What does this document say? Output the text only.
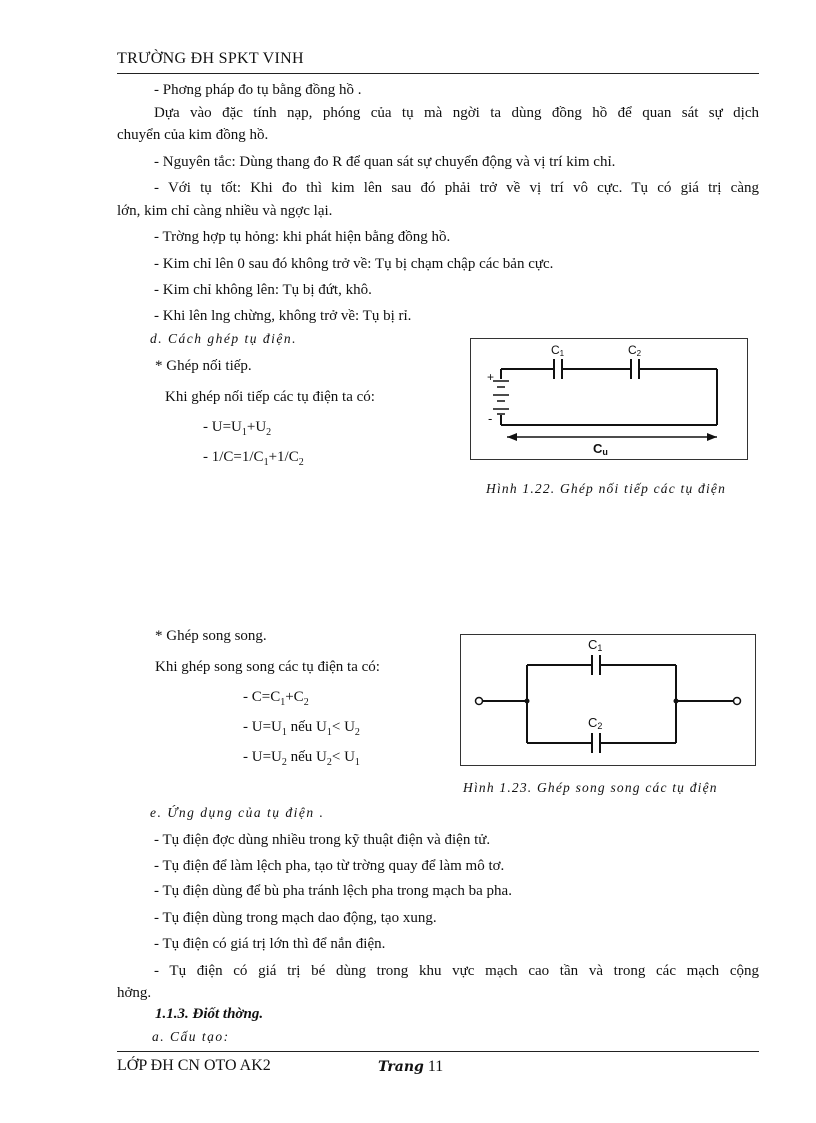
TRƯỜNG ĐH SPKT VINH
- Phơng pháp đo tụ bằng đồng hồ .
Dựa vào đặc tính nạp, phóng của tụ mà ngời ta dùng đồng hồ để quan sát sự dịch
chuyển của kim đồng hồ.
- Nguyên tắc: Dùng thang đo R để quan sát sự chuyển động và vị trí kim chỉ.
- Với tụ tốt: Khi đo thì kim lên sau đó phải trở về vị trí vô cực. Tụ có giá trị càng
lớn, kim chỉ càng nhiều và ngợc lại.
- Trờng hợp tụ hỏng: khi phát hiện bằng đồng hồ.
- Kim chỉ lên 0 sau đó không trở về: Tụ bị chạm chập các bản cực.
- Kim chỉ không lên: Tụ bị đứt, khô.
- Khi lên lng chừng, không trở về: Tụ bị rỉ.
d. Cách ghép tụ điện.
* Ghép nối tiếp.
Khi ghép nối tiếp các tụ điện ta có:
- $U=U_1+U_2$
- $1/C=1/C_1+1/C_2$
+
-
C1	C2
Cu
Hình 1.22. Ghép nối tiếp các tụ điện
* Ghép song song.
Khi ghép song song các tụ điện ta có:
- $C=C_1+C_2$
- $U=U_1$ nếu $U_1< U_2$
- $U=U_2$ nếu $U_2< U_1$
C1
C2
Hình 1.23. Ghép song song các tụ điện
e. Ứng dụng của tụ điện .
- Tụ điện đợc dùng nhiều trong kỹ thuật điện và điện tử.
- Tụ điện để làm lệch pha, tạo từ trờng quay để làm mô tơ.
- Tụ điện dùng để bù pha tránh lệch pha trong mạch ba pha.
- Tụ điện dùng trong mạch dao động, tạo xung.
- Tụ điện có giá trị lớn thì để nắn điện.
- Tụ điện có giá trị bé dùng trong khu vực mạch cao tần và trong các mạch cộng
hởng.
1.1.3. Điốt thờng.
a. Cấu tạo:
LỚP ĐH CN OTO AK2	Trang 11
